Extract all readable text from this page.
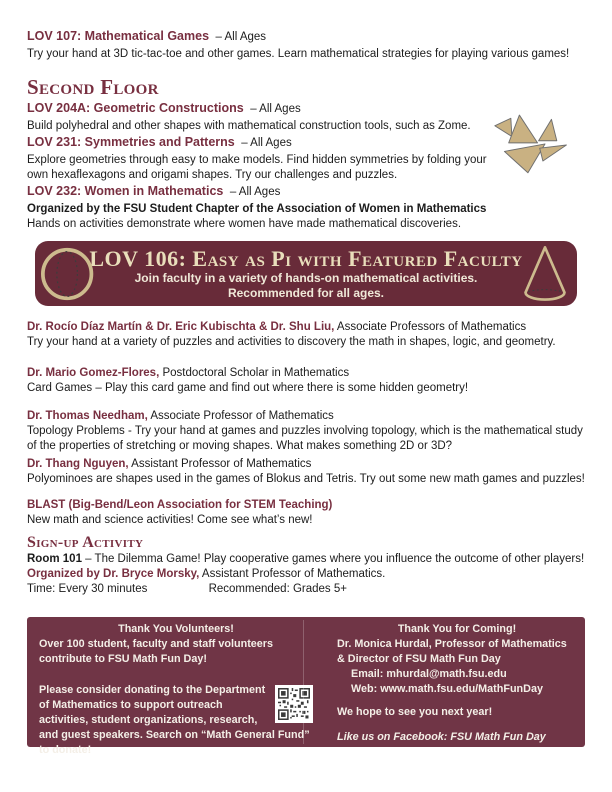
LOV 107: Mathematical Games – All Ages

Try your hand at 3D tic-tac-toe and other games. Learn mathematical strategies for playing various games!

Second Floor
LOV 204A: Geometric Constructions – All Ages

Build polyhedral and other shapes with mathematical construction tools, such as Zome.

LOV 231: Symmetries and Patterns – All Ages

Explore geometries through easy to make models. Find hidden symmetries by folding your own hexaflexagons and origami shapes. Try our challenges and puzzles.

LOV 232: Women in Mathematics – All Ages

Organized by the FSU Student Chapter of the Association of Women in Mathematics

Hands on activities demonstrate where women have made mathematical discoveries.

LOV 106: Easy as Pi with Featured Faculty
Join faculty in a variety of hands-on mathematical activities.
Recommended for all ages.

Dr. Rocío Díaz Martín & Dr. Eric Kubischta & Dr. Shu Liu, Associate Professors of Mathematics

Try your hand at a variety of puzzles and activities to discovery the math in shapes, logic, and geometry.

Dr. Mario Gomez-Flores, Postdoctoral Scholar in Mathematics

Card Games – Play this card game and find out where there is some hidden geometry!

Dr. Thomas Needham, Associate Professor of Mathematics

Topology Problems - Try your hand at games and puzzles involving topology, which is the mathematical study of the properties of stretching or moving shapes. What makes something 2D or 3D?

Dr. Thang Nguyen, Assistant Professor of Mathematics

Polyominoes are shapes used in the games of Blokus and Tetris. Try out some new math games and puzzles!

BLAST (Big-Bend/Leon Association for STEM Teaching)

New math and science activities! Come see what’s new!

Sign-up Activity

Room 101 – The Dilemma Game! Play cooperative games where you influence the outcome of other players!

Organized by Dr. Bryce Morsky, Assistant Professor of Mathematics.

Time: Every 30 minutes	Recommended: Grades 5+

Thank You Volunteers!

Over 100 student, faculty and staff volunteers contribute to FSU Math Fun Day!

Please consider donating to the Department of Mathematics to support outreach activities, student organizations, research, and guest speakers. Search on “Math General Fund” to donate!

Thank You for Coming!

Dr. Monica Hurdal, Professor of Mathematics

& Director of FSU Math Fun Day

Email: mhurdal@math.fsu.edu

Web: www.math.fsu.edu/MathFunDay

We hope to see you next year!

Like us on Facebook: FSU Math Fun Day
